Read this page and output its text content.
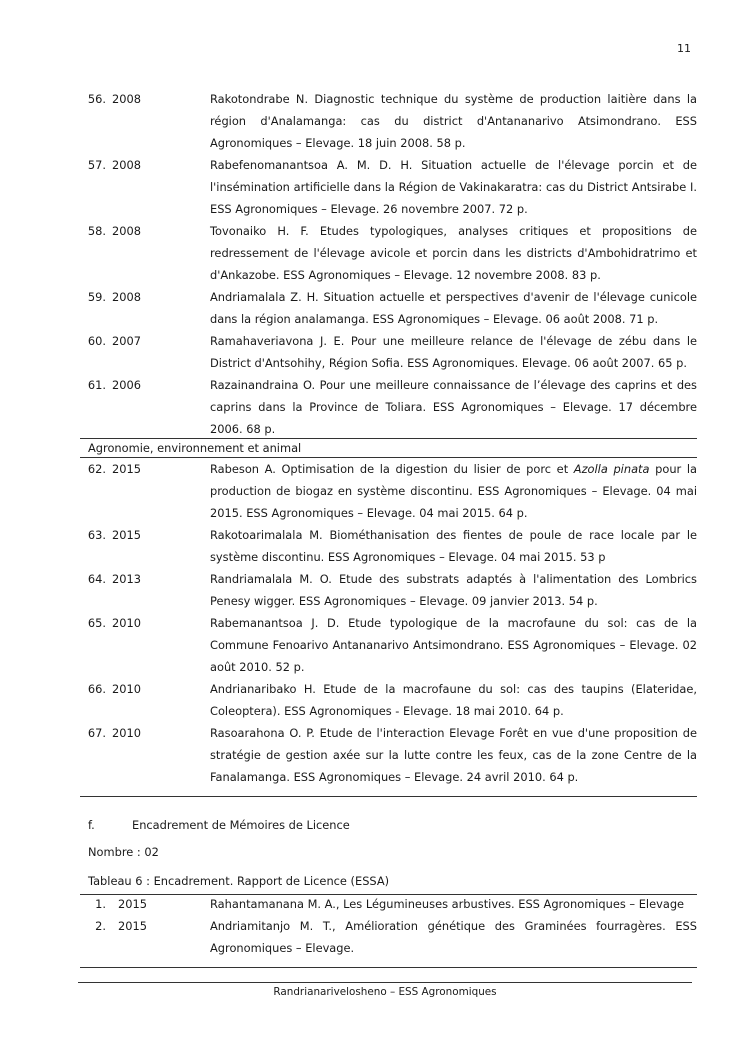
11
56. 2008	Rakotondrabe N. Diagnostic technique du système de production laitière dans la région d'Analamanga: cas du district d'Antananarivo Atsimondrano. ESS Agronomiques – Elevage. 18 juin 2008. 58 p.
57. 2008	Rabefenomanantsoa A. M. D. H. Situation actuelle de l'élevage porcin et de l'insémination artificielle dans la Région de Vakinakaratra: cas du District Antsirabe I. ESS Agronomiques – Elevage. 26 novembre 2007. 72 p.
58. 2008	Tovonaiko H. F. Etudes typologiques, analyses critiques et propositions de redressement de l'élevage avicole et porcin dans les districts d'Ambohidratrimo et d'Ankazobe. ESS Agronomiques – Elevage. 12 novembre 2008. 83 p.
59. 2008	Andriamalala Z. H. Situation actuelle et perspectives d'avenir de l'élevage cunicole dans la région analamanga. ESS Agronomiques – Elevage. 06 août 2008. 71 p.
60. 2007	Ramahaveriavona J. E. Pour une meilleure relance de l'élevage de zébu dans le District d'Antsohihy, Région Sofia. ESS Agronomiques. Elevage. 06 août 2007. 65 p.
61. 2006	Razainandraina O. Pour une meilleure connaissance de l’élevage des caprins et des caprins dans la Province de Toliara. ESS Agronomiques – Elevage. 17 décembre 2006. 68 p.
Agronomie, environnement et animal
62. 2015	Rabeson A. Optimisation de la digestion du lisier de porc et Azolla pinata pour la production de biogaz en système discontinu. ESS Agronomiques – Elevage. 04 mai 2015. ESS Agronomiques – Elevage. 04 mai 2015. 64 p.
63. 2015	Rakotoarimalala M. Biométhanisation des fientes de poule de race locale par le système discontinu. ESS Agronomiques – Elevage. 04 mai 2015. 53 p
64. 2013	Randriamalala M. O. Etude des substrats adaptés à l'alimentation des Lombrics Penesy wigger. ESS Agronomiques – Elevage. 09 janvier 2013. 54 p.
65. 2010	Rabemanantsoa J. D. Etude typologique de la macrofaune du sol: cas de la Commune Fenoarivo Antananarivo Antsimondrano. ESS Agronomiques – Elevage. 02 août 2010. 52 p.
66. 2010	Andrianaribako H. Etude de la macrofaune du sol: cas des taupins (Elateridae, Coleoptera). ESS Agronomiques - Elevage. 18 mai 2010. 64 p.
67. 2010	Rasoarahona O. P. Etude de l'interaction Elevage Forêt en vue d'une proposition de stratégie de gestion axée sur la lutte contre les feux, cas de la zone Centre de la Fanalamanga. ESS Agronomiques – Elevage. 24 avril 2010. 64 p.
f.	Encadrement de Mémoires de Licence
Nombre : 02
Tableau 6 : Encadrement. Rapport de Licence (ESSA)
1.	2015	Rahantamanana M. A., Les Légumineuses arbustives. ESS Agronomiques – Elevage
2.	2015	Andriamitanjo M. T., Amélioration génétique des Graminées fourragères. ESS Agronomiques – Elevage.
Randrianarivelosheno – ESS Agronomiques
